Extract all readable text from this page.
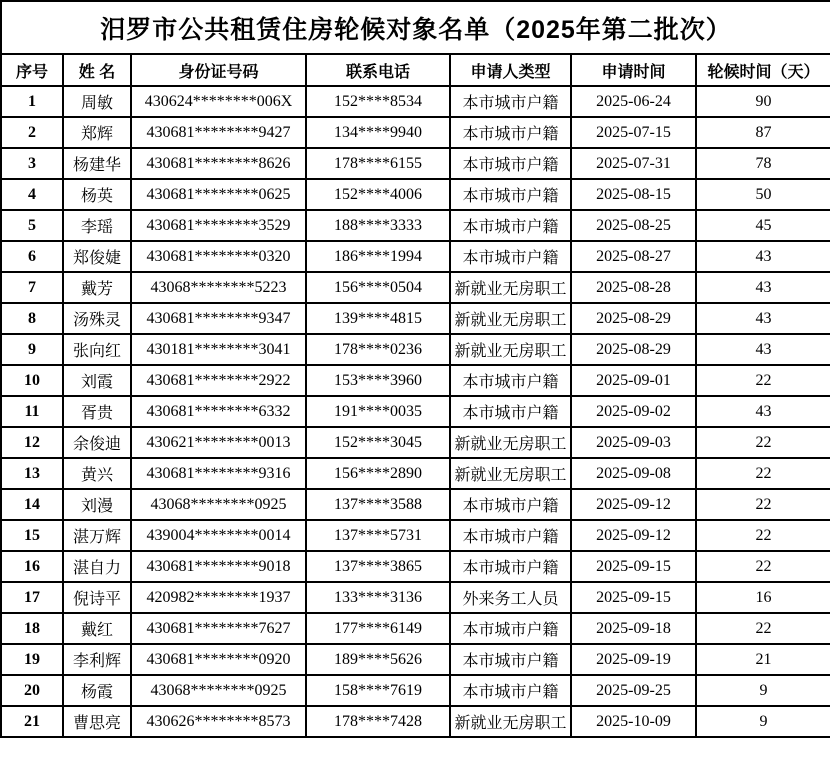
汨罗市公共租赁住房轮候对象名单（2025年第二批次）						
序号	姓 名	身份证号码	联系电话	申请人类型	申请时间	轮候时间（天）
1	周敏	430624********006X	152****8534	本市城市户籍	2025-06-24	90
2	郑辉	430681********9427	134****9940	本市城市户籍	2025-07-15	87
3	杨建华	430681********8626	178****6155	本市城市户籍	2025-07-31	78
4	杨英	430681********0625	152****4006	本市城市户籍	2025-08-15	50
5	李瑶	430681********3529	188****3333	本市城市户籍	2025-08-25	45
6	郑俊婕	430681********0320	186****1994	本市城市户籍	2025-08-27	43
7	戴芳	43068********5223	156****0504	新就业无房职工	2025-08-28	43
8	汤殊灵	430681********9347	139****4815	新就业无房职工	2025-08-29	43
9	张向红	430181********3041	178****0236	新就业无房职工	2025-08-29	43
10	刘霞	430681********2922	153****3960	本市城市户籍	2025-09-01	22
11	胥贵	430681********6332	191****0035	本市城市户籍	2025-09-02	43
12	余俊迪	430621********0013	152****3045	新就业无房职工	2025-09-03	22
13	黄兴	430681********9316	156****2890	新就业无房职工	2025-09-08	22
14	刘漫	43068********0925	137****3588	本市城市户籍	2025-09-12	22
15	湛万辉	439004********0014	137****5731	本市城市户籍	2025-09-12	22
16	湛自力	430681********9018	137****3865	本市城市户籍	2025-09-15	22
17	倪诗平	420982********1937	133****3136	外来务工人员	2025-09-15	16
18	戴红	430681********7627	177****6149	本市城市户籍	2025-09-18	22
19	李利辉	430681********0920	189****5626	本市城市户籍	2025-09-19	21
20	杨霞	43068********0925	158****7619	本市城市户籍	2025-09-25	9
21	曹思亮	430626********8573	178****7428	新就业无房职工	2025-10-09	9
